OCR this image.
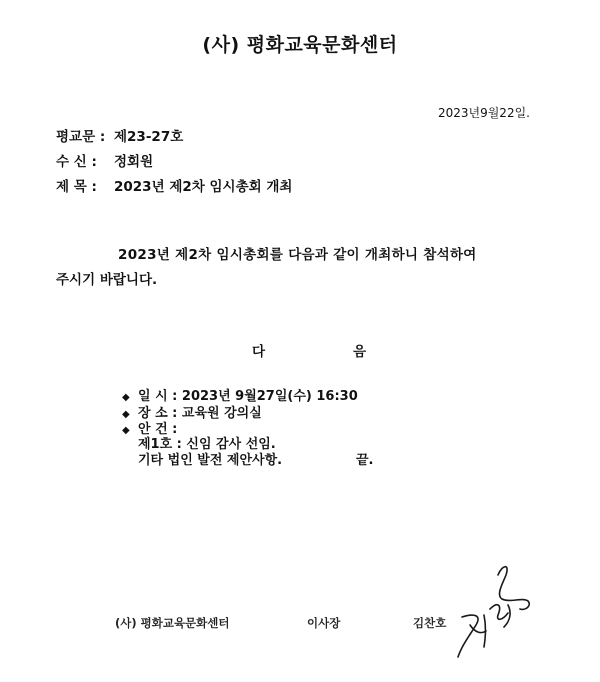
(사) 평화교육문화센터
2023년9월22일.
평교문 : 제23-27호
수 신 : 정회원
제 목 : 2023년 제2차 임시총회 개최
2023년 제2차 임시총회를 다음과 같이 개최하니 참석하여
주시기 바랍니다.
다	음
◆ 일 시 : 2023년 9월27일(수) 16:30
◆ 장 소 : 교육원 강의실
◆ 안 건 :
제1호 : 신임 감사 선임.
기타 법인 발전 제안사항.	끝.
(사) 평화교육문화센터	이사장	김찬호
